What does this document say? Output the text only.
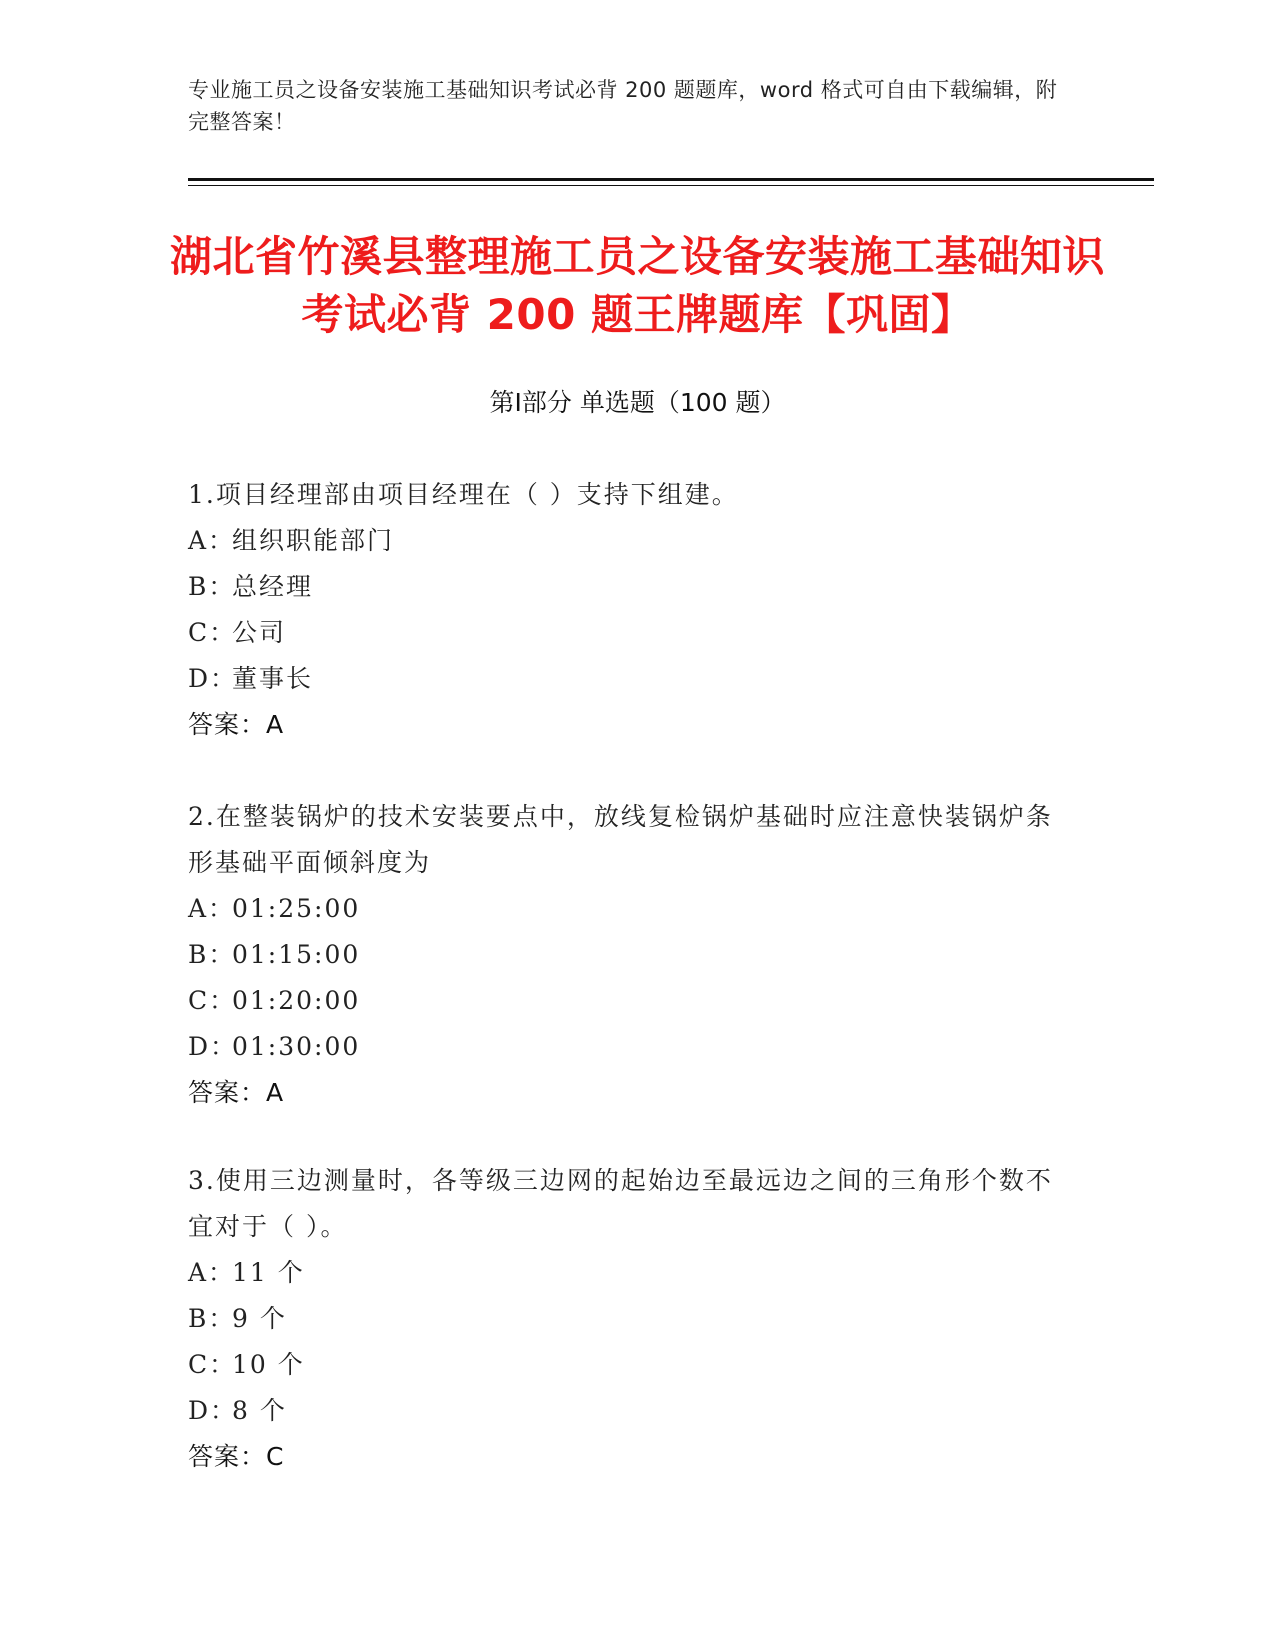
专业施工员之设备安装施工基础知识考试必背 200 题题库，word 格式可自由下载编辑，附完整答案！
湖北省竹溪县整理施工员之设备安装施工基础知识考试必背 200 题王牌题库【巩固】
第Ⅰ部分 单选题（100 题）
1.项目经理部由项目经理在（ ）支持下组建。
A：组织职能部门
B：总经理
C：公司
D：董事长
答案：A
2.在整装锅炉的技术安装要点中，放线复检锅炉基础时应注意快装锅炉条形基础平面倾斜度为
A：01:25:00
B：01:15:00
C：01:20:00
D：01:30:00
答案：A
3.使用三边测量时，各等级三边网的起始边至最远边之间的三角形个数不宜对于（ ）。
A：11 个
B：9 个
C：10 个
D：8 个
答案：C
